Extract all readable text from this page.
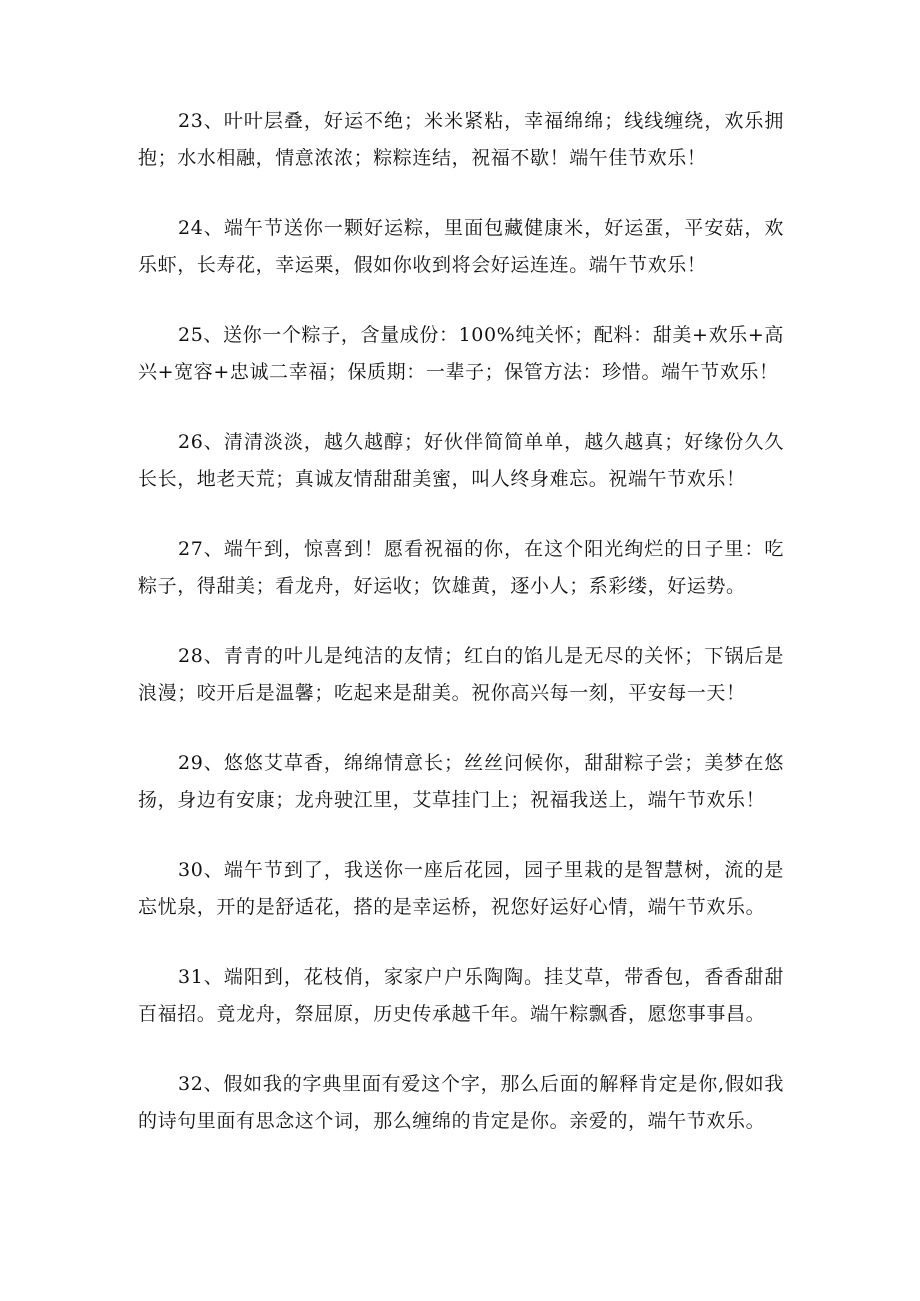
23、叶叶层叠，好运不绝；米米紧粘，幸福绵绵；线线缠绕，欢乐拥抱；水水相融，情意浓浓；粽粽连结，祝福不歇！端午佳节欢乐！

24、端午节送你一颗好运粽，里面包藏健康米，好运蛋，平安菇，欢乐虾，长寿花，幸运栗，假如你收到将会好运连连。端午节欢乐！

25、送你一个粽子，含量成份：100%纯关怀；配料：甜美+欢乐+高兴+宽容+忠诚二幸福；保质期：一辈子；保管方法：珍惜。端午节欢乐！

26、清清淡淡，越久越醇；好伙伴简简单单，越久越真；好缘份久久长长，地老天荒；真诚友情甜甜美蜜，叫人终身难忘。祝端午节欢乐！

27、端午到，惊喜到！愿看祝福的你，在这个阳光绚烂的日子里：吃粽子，得甜美；看龙舟，好运收；饮雄黄，逐小人；系彩缕，好运势。

28、青青的叶儿是纯洁的友情；红白的馅儿是无尽的关怀；下锅后是浪漫；咬开后是温馨；吃起来是甜美。祝你高兴每一刻，平安每一天！

29、悠悠艾草香，绵绵情意长；丝丝问候你，甜甜粽子尝；美梦在悠扬，身边有安康；龙舟驶江里，艾草挂门上；祝福我送上，端午节欢乐！

30、端午节到了，我送你一座后花园，园子里栽的是智慧树，流的是忘忧泉，开的是舒适花，搭的是幸运桥，祝您好运好心情，端午节欢乐。

31、端阳到，花枝俏，家家户户乐陶陶。挂艾草，带香包，香香甜甜百福招。竟龙舟，祭屈原，历史传承越千年。端午粽飘香，愿您事事昌。

32、假如我的字典里面有爱这个字，那么后面的解释肯定是你,假如我的诗句里面有思念这个词，那么缠绵的肯定是你。亲爱的，端午节欢乐。
